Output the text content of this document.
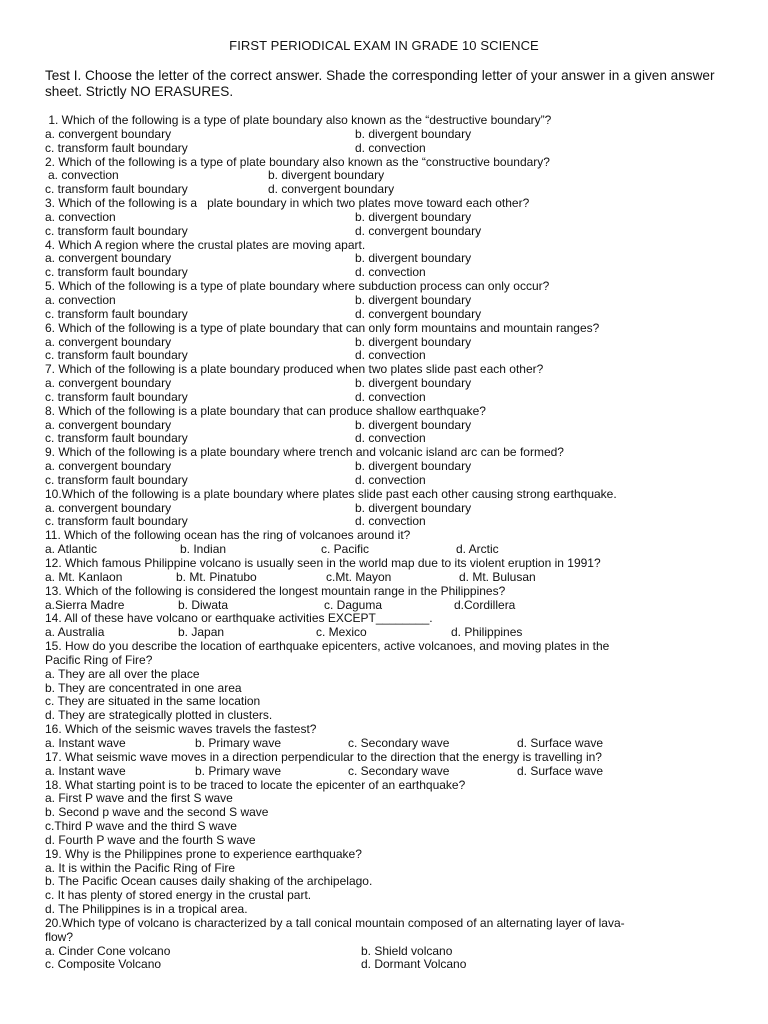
FIRST PERIODICAL EXAM IN GRADE 10 SCIENCE
Test I. Choose the letter of the correct answer. Shade the corresponding letter of your answer in a given answer sheet. Strictly NO ERASURES.
1. Which of the following is a type of plate boundary also known as the “destructive boundary”?
a. convergent boundary	b. divergent boundary
c. transform fault boundary	d. convection
2. Which of the following is a type of plate boundary also known as the “constructive boundary?
a. convection	b. divergent boundary
c. transform fault boundary	d. convergent boundary
3. Which of the following is a   plate boundary in which two plates move toward each other?
a. convection	b. divergent boundary
c. transform fault boundary	d. convergent boundary
4. Which A region where the crustal plates are moving apart.
a. convergent boundary	b. divergent boundary
c. transform fault boundary	d. convection
5. Which of the following is a type of plate boundary where subduction process can only occur?
a. convection	b. divergent boundary
c. transform fault boundary	d. convergent boundary
6. Which of the following is a type of plate boundary that can only form mountains and mountain ranges?
a. convergent boundary	b. divergent boundary
c. transform fault boundary	d. convection
7. Which of the following is a plate boundary produced when two plates slide past each other?
a. convergent boundary	b. divergent boundary
c. transform fault boundary	d. convection
8. Which of the following is a plate boundary that can produce shallow earthquake?
a. convergent boundary	b. divergent boundary
c. transform fault boundary	d. convection
9. Which of the following is a plate boundary where trench and volcanic island arc can be formed?
a. convergent boundary	b. divergent boundary
c. transform fault boundary	d. convection
10.Which of the following is a plate boundary where plates slide past each other causing strong earthquake.
a. convergent boundary	b. divergent boundary
c. transform fault boundary	d. convection
11. Which of the following ocean has the ring of volcanoes around it?
a. Atlantic	b. Indian	c. Pacific	d. Arctic
12. Which famous Philippine volcano is usually seen in the world map due to its violent eruption in 1991?
a. Mt. Kanlaon	b. Mt. Pinatubo	c.Mt. Mayon	d. Mt. Bulusan
13. Which of the following is considered the longest mountain range in the Philippines?
a.Sierra Madre	b. Diwata	c. Daguma	d.Cordillera
14. All of these have volcano or earthquake activities EXCEPT________.
a. Australia	b. Japan	c. Mexico	d. Philippines
15. How do you describe the location of earthquake epicenters, active volcanoes, and moving plates in the
Pacific Ring of Fire?
a. They are all over the place
b. They are concentrated in one area
c. They are situated in the same location
d. They are strategically plotted in clusters.
16. Which of the seismic waves travels the fastest?
a. Instant wave	b. Primary wave	c. Secondary wave	d. Surface wave
17. What seismic wave moves in a direction perpendicular to the direction that the energy is travelling in?
a. Instant wave	b. Primary wave	c. Secondary wave	d. Surface wave
18. What starting point is to be traced to locate the epicenter of an earthquake?
a. First P wave and the first S wave
b. Second p wave and the second S wave
c.Third P wave and the third S wave
d. Fourth P wave and the fourth S wave
19. Why is the Philippines prone to experience earthquake?
a. It is within the Pacific Ring of Fire
b. The Pacific Ocean causes daily shaking of the archipelago.
c. It has plenty of stored energy in the crustal part.
d. The Philippines is in a tropical area.
20.Which type of volcano is characterized by a tall conical mountain composed of an alternating layer of lava-
flow?
a. Cinder Cone volcano	b. Shield volcano
c. Composite Volcano	d. Dormant Volcano
